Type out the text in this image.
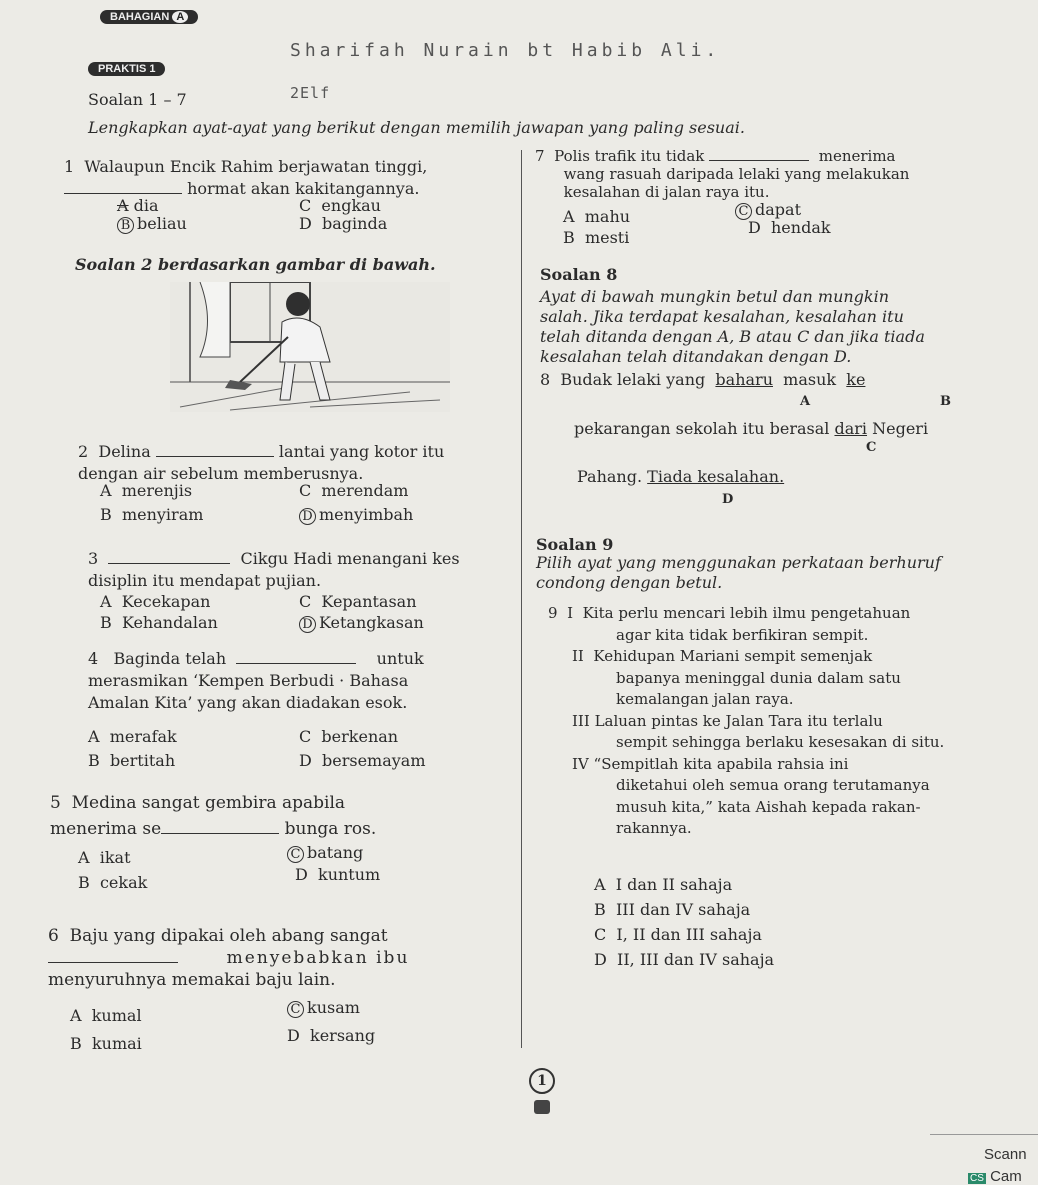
BAHAGIAN A
PRAKTIS 1
Sharifah Nurain bt Habib Ali.
2Elf
Soalan 1 – 7
Lengkapkan ayat-ayat yang berikut dengan memilih jawapan yang paling sesuai.
1 Walaupun Encik Rahim berjawatan tinggi,
hormat akan kakitangannya.
A dia
B beliau
C engkau
D baginda
Soalan 2 berdasarkan gambar di bawah.
2 Delina	lantai yang kotor itu
dengan air sebelum memberusnya.
A merenjis
B menyiram
C merendam
D menyimbah
3	Cikgu Hadi menangani kes
disiplin itu mendapat pujian.
A Kecekapan
B Kehandalan
C Kepantasan
D Ketangkasan
4 Baginda telah	untuk
merasmikan ‘Kempen Berbudi · Bahasa
Amalan Kita’ yang akan diadakan esok.
A merafak
B bertitah
C berkenan
D bersemayam
5 Medina sangat gembira apabila
menerima se	bunga ros.
A ikat
B cekak
C batang
D kuntum
6 Baju yang dipakai oleh abang sangat
menyebabkan ibu
menyuruhnya memakai baju lain.
A kumal
B kumai
C kusam
D kersang
7 Polis trafik itu tidak	menerima
wang rasuah daripada lelaki yang melakukan
kesalahan di jalan raya itu.
A mahu
B mesti
C dapat
D hendak
Soalan 8
Ayat di bawah mungkin betul dan mungkin
salah. Jika terdapat kesalahan, kesalahan itu
telah ditanda dengan A, B atau C dan jika tiada
kesalahan telah ditandakan dengan D.
8 Budak lelaki yang baharu masuk ke
A	B
pekarangan sekolah itu berasal dari Negeri
C
Pahang. Tiada kesalahan.
D
Soalan 9
Pilih ayat yang menggunakan perkataan berhuruf
condong dengan betul.
9 I Kita perlu mencari lebih ilmu pengetahuan
agar kita tidak berfikiran sempit.
II Kehidupan Mariani sempit semenjak
bapanya meninggal dunia dalam satu
kemalangan jalan raya.
III Laluan pintas ke Jalan Tara itu terlalu
sempit sehingga berlaku kesesakan di situ.
IV “Sempitlah kita apabila rahsia ini
diketahui oleh semua orang terutamanya
musuh kita,” kata Aishah kepada rakan-
rakannya.
A I dan II sahaja
B III dan IV sahaja
C I, II dan III sahaja
D II, III dan IV sahaja
1
Scann
CS Cam
